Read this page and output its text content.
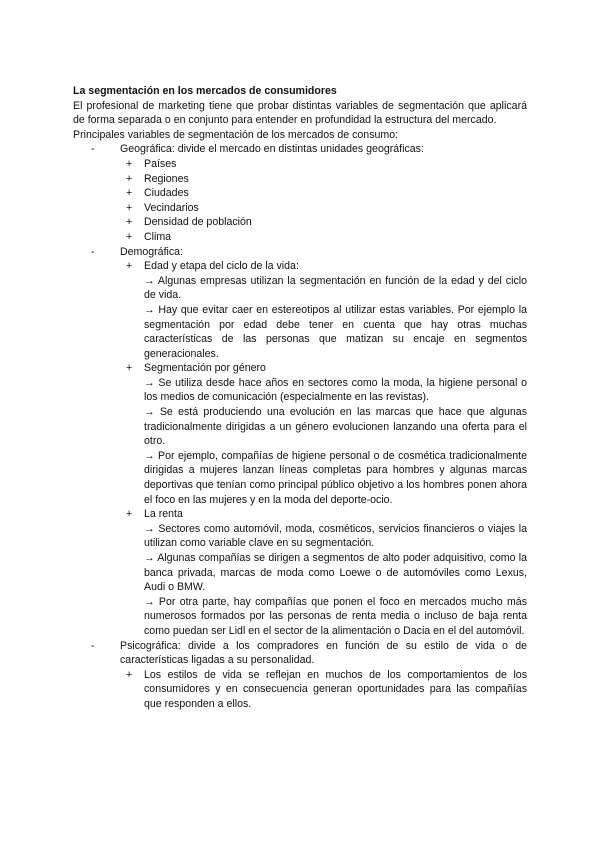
La segmentación en los mercados de consumidores
El profesional de marketing tiene que probar distintas variables de segmentación que aplicará de forma separada o en conjunto para entender en profundidad la estructura del mercado.
Principales variables de segmentación de los mercados de consumo:
- Geográfica: divide el mercado en distintas unidades geográficas:
+ Países
+ Regiones
+ Ciudades
+ Vecindarios
+ Densidad de población
+ Clima
- Demográfica:
+ Edad y etapa del ciclo de la vida:
→ Algunas empresas utilizan la segmentación en función de la edad y del ciclo de vida.
→ Hay que evitar caer en estereotipos al utilizar estas variables. Por ejemplo la segmentación por edad debe tener en cuenta que hay otras muchas características de las personas que matizan su encaje en segmentos generacionales.
+ Segmentación por género
→ Se utiliza desde hace años en sectores como la moda, la higiene personal o los medios de comunicación (especialmente en las revistas).
→ Se está produciendo una evolución en las marcas que hace que algunas tradicionalmente dirigidas a un género evolucionen lanzando una oferta para el otro.
→ Por ejemplo, compañías de higiene personal o de cosmética tradicionalmente dirigidas a mujeres lanzan líneas completas para hombres y algunas marcas deportivas que tenían como principal público objetivo a los hombres ponen ahora el foco en las mujeres y en la moda del deporte-ocio.
+ La renta
→ Sectores como automóvil, moda, cosméticos, servicios financieros o viajes la utilizan como variable clave en su segmentación.
→ Algunas compañías se dirigen a segmentos de alto poder adquisitivo, como la banca privada, marcas de moda como Loewe o de automóviles como Lexus, Audi o BMW.
→ Por otra parte, hay compañías que ponen el foco en mercados mucho más numerosos formados por las personas de renta media o incluso de baja renta como puedan ser Lidl en el sector de la alimentación o Dacia en el del automóvil.
- Psicográfica: divide a los compradores en función de su estilo de vida o de características ligadas a su personalidad.
+ Los estilos de vida se reflejan en muchos de los comportamientos de los consumidores y en consecuencia generan oportunidades para las compañías que responden a ellos.
